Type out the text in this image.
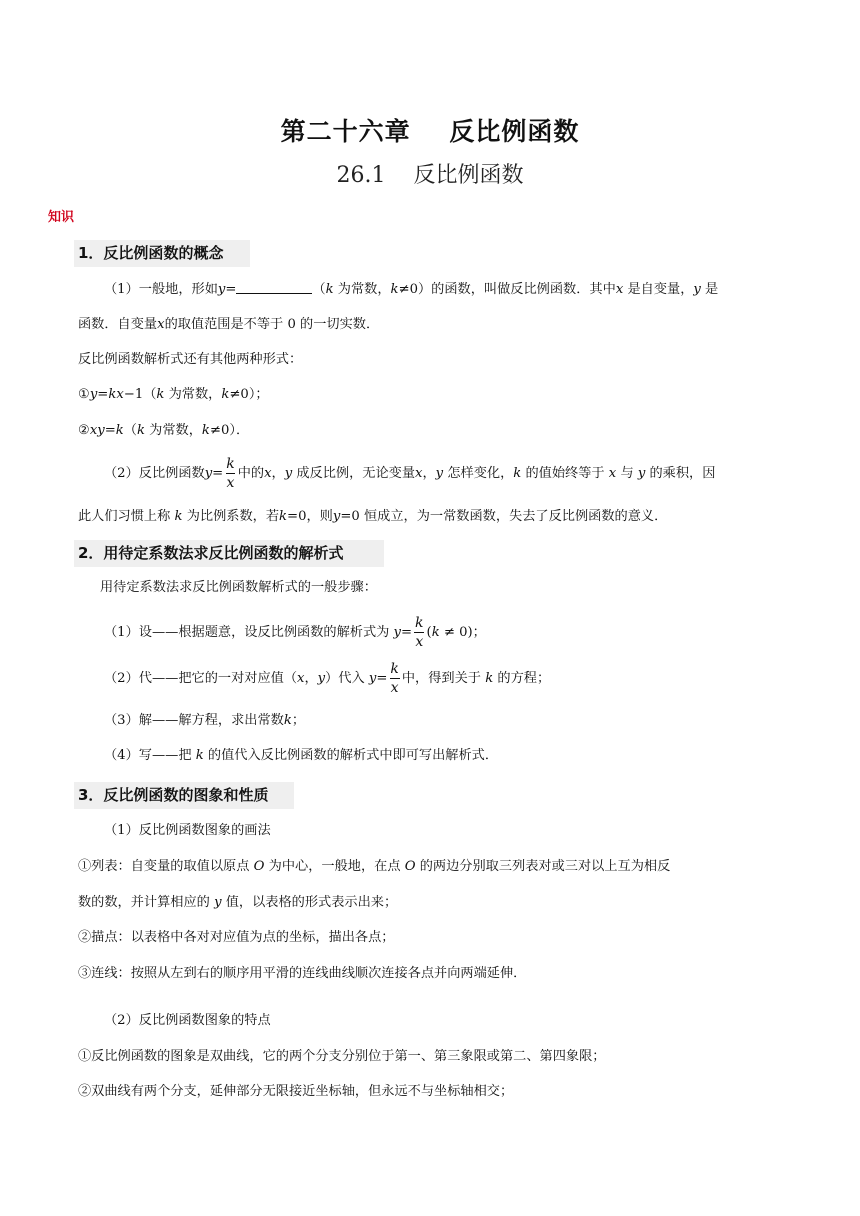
第二十六章    反比例函数
26.1    反比例函数
知识
1．反比例函数的概念
（1）一般地，形如y=	（k 为常数，k≠0）的函数，叫做反比例函数．其中x 是自变量，y 是
函数．自变量x的取值范围是不等于 0 的一切实数．
反比例函数解析式还有其他两种形式：
①y=kx−1（k 为常数，k≠0）；
②xy=k（k 为常数，k≠0）．
（2）反比例函数$y= \frac{k}{x}$ 中的x，y 成反比例，无论变量x，y 怎样变化，k 的值始终等于 x 与 y 的乘积，因
此人们习惯上称 k 为比例系数，若k=0，则y=0 恒成立，为一常数函数，失去了反比例函数的意义．
2．用待定系数法求反比例函数的解析式
用待定系数法求反比例函数解析式的一般步骤：
（1）设——根据题意，设反比例函数的解析式为 $y= \frac{k}{x} (k \ne 0)$；
（2）代——把它的一对对应值（x，y）代入 $y= \frac{k}{x}$ 中，得到关于 k 的方程；
（3）解——解方程，求出常数k；
（4）写——把 k 的值代入反比例函数的解析式中即可写出解析式．
3．反比例函数的图象和性质
（1）反比例函数图象的画法
①列表：自变量的取值以原点 O 为中心，一般地，在点 O 的两边分别取三列表对或三对以上互为相反
数的数，并计算相应的 y 值，以表格的形式表示出来；
②描点：以表格中各对对应值为点的坐标，描出各点；
③连线：按照从左到右的顺序用平滑的连线曲线顺次连接各点并向两端延伸．
（2）反比例函数图象的特点
①反比例函数的图象是双曲线，它的两个分支分别位于第一、第三象限或第二、第四象限；
②双曲线有两个分支，延伸部分无限接近坐标轴，但永远不与坐标轴相交；
